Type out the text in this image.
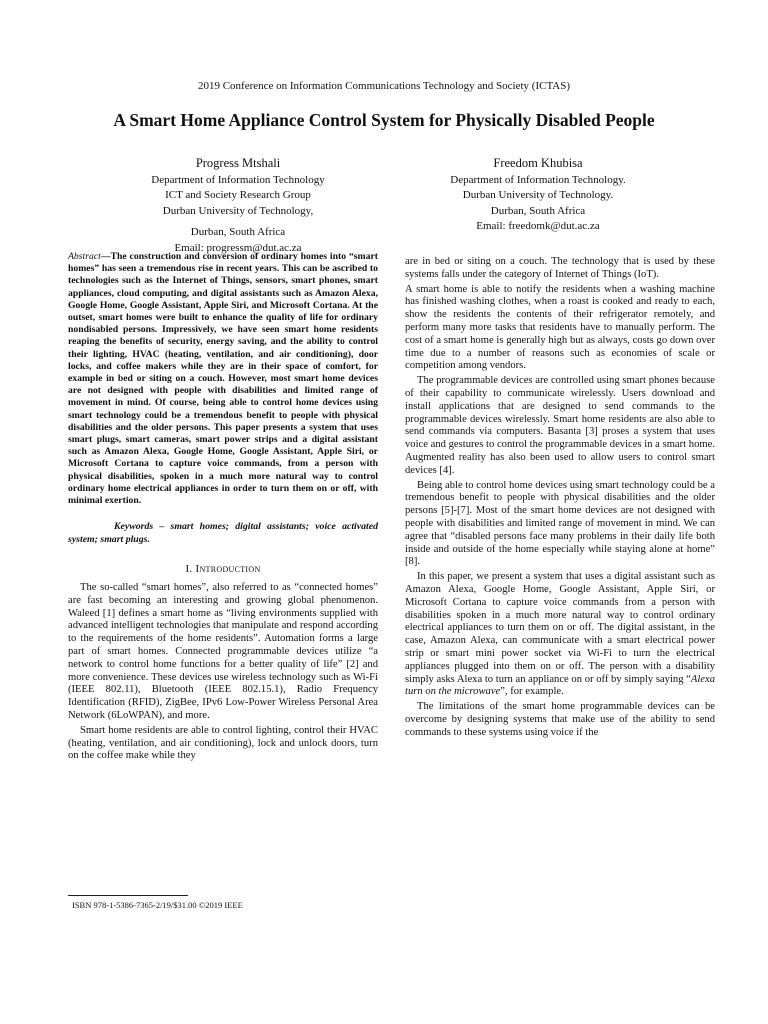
2019 Conference on Information Communications Technology and Society (ICTAS)
A Smart Home Appliance Control System for Physically Disabled People
Progress Mtshali
Department of Information Technology
ICT and Society Research Group
Durban University of Technology,
Durban, South Africa
Email: progressm@dut.ac.za
Freedom Khubisa
Department of Information Technology.
Durban University of Technology.
Durban, South Africa
Email: freedomk@dut.ac.za

Abstract—The construction and conversion of ordinary homes into “smart homes” has seen a tremendous rise in recent years. This can be ascribed to technologies such as the Internet of Things, sensors, smart phones, smart appliances, cloud computing, and digital assistants such as Amazon Alexa, Google Home, Google Assistant, Apple Siri, and Microsoft Cortana. At the outset, smart homes were built to enhance the quality of life for ordinary nondisabled persons. Impressively, we have seen smart home residents reaping the benefits of security, energy saving, and the ability to control their lighting, HVAC (heating, ventilation, and air conditioning), door locks, and coffee makers while they are in their space of comfort, for example in bed or siting on a couch. However, most smart home devices are not designed with people with disabilities and limited range of movement in mind. Of course, being able to control home devices using smart technology could be a tremendous benefit to people with physical disabilities and the older persons. This paper presents a system that uses smart plugs, smart cameras, smart power strips and a digital assistant such as Amazon Alexa, Google Home, Google Assistant, Apple Siri, or Microsoft Cortana to capture voice commands, from a person with physical disabilities, spoken in a much more natural way to control ordinary home electrical appliances in order to turn them on or off, with minimal exertion.

Keywords – smart homes; digital assistants; voice activated system; smart plugs.

I. Introduction

The so-called “smart homes”, also referred to as “connected homes” are fast becoming an interesting and growing global phenomenon. Waleed [1] defines a smart home as “living environments supplied with advanced intelligent technologies that manipulate and respond according to the requirements of the home residents”. Automation forms a large part of smart homes. Connected programmable devices utilize “a network to control home functions for a better quality of life” [2] and more convenience. These devices use wireless technology such as Wi-Fi (IEEE 802.11), Bluetooth (IEEE 802.15.1), Radio Frequency Identification (RFID), ZigBee, IPv6 Low-Power Wireless Personal Area Network (6LoWPAN), and more.

Smart home residents are able to control lighting, control their HVAC (heating, ventilation, and air conditioning), lock and unlock doors, turn on the coffee make while they

are in bed or siting on a couch. The technology that is used by these systems falls under the category of Internet of Things (IoT).

A smart home is able to notify the residents when a washing machine has finished washing clothes, when a roast is cooked and ready to each, show the residents the contents of their refrigerator remotely, and perform many more tasks that residents have to manually perform. The cost of a smart home is generally high but as always, costs go down over time due to a number of reasons such as economies of scale or competition among vendors.

The programmable devices are controlled using smart phones because of their capability to communicate wirelessly. Users download and install applications that are designed to send commands to the programmable devices wirelessly. Smart home residents are also able to send commands via computers. Basanta [3] proses a system that uses voice and gestures to control the programmable devices in a smart home. Augmented reality has also been used to allow users to control smart devices [4].

Being able to control home devices using smart technology could be a tremendous benefit to people with physical disabilities and the older persons [5]-[7]. Most of the smart home devices are not designed with people with disabilities and limited range of movement in mind. We can agree that “disabled persons face many problems in their daily life both inside and outside of the home especially while staying alone at home” [8].

In this paper, we present a system that uses a digital assistant such as Amazon Alexa, Google Home, Google Assistant, Apple Siri, or Microsoft Cortana to capture voice commands from a person with disabilities spoken in a much more natural way to control ordinary electrical appliances to turn them on or off. The digital assistant, in the case, Amazon Alexa, can communicate with a smart electrical power strip or smart mini power socket via Wi-Fi to turn the electrical appliances plugged into them on or off. The person with a disability simply asks Alexa to turn an appliance on or off by simply saying “Alexa turn on the microwave”, for example.

The limitations of the smart home programmable devices can be overcome by designing systems that make use of the ability to send commands to these systems using voice if the

ISBN 978-1-5386-7365-2/19/$31.00 ©2019 IEEE
